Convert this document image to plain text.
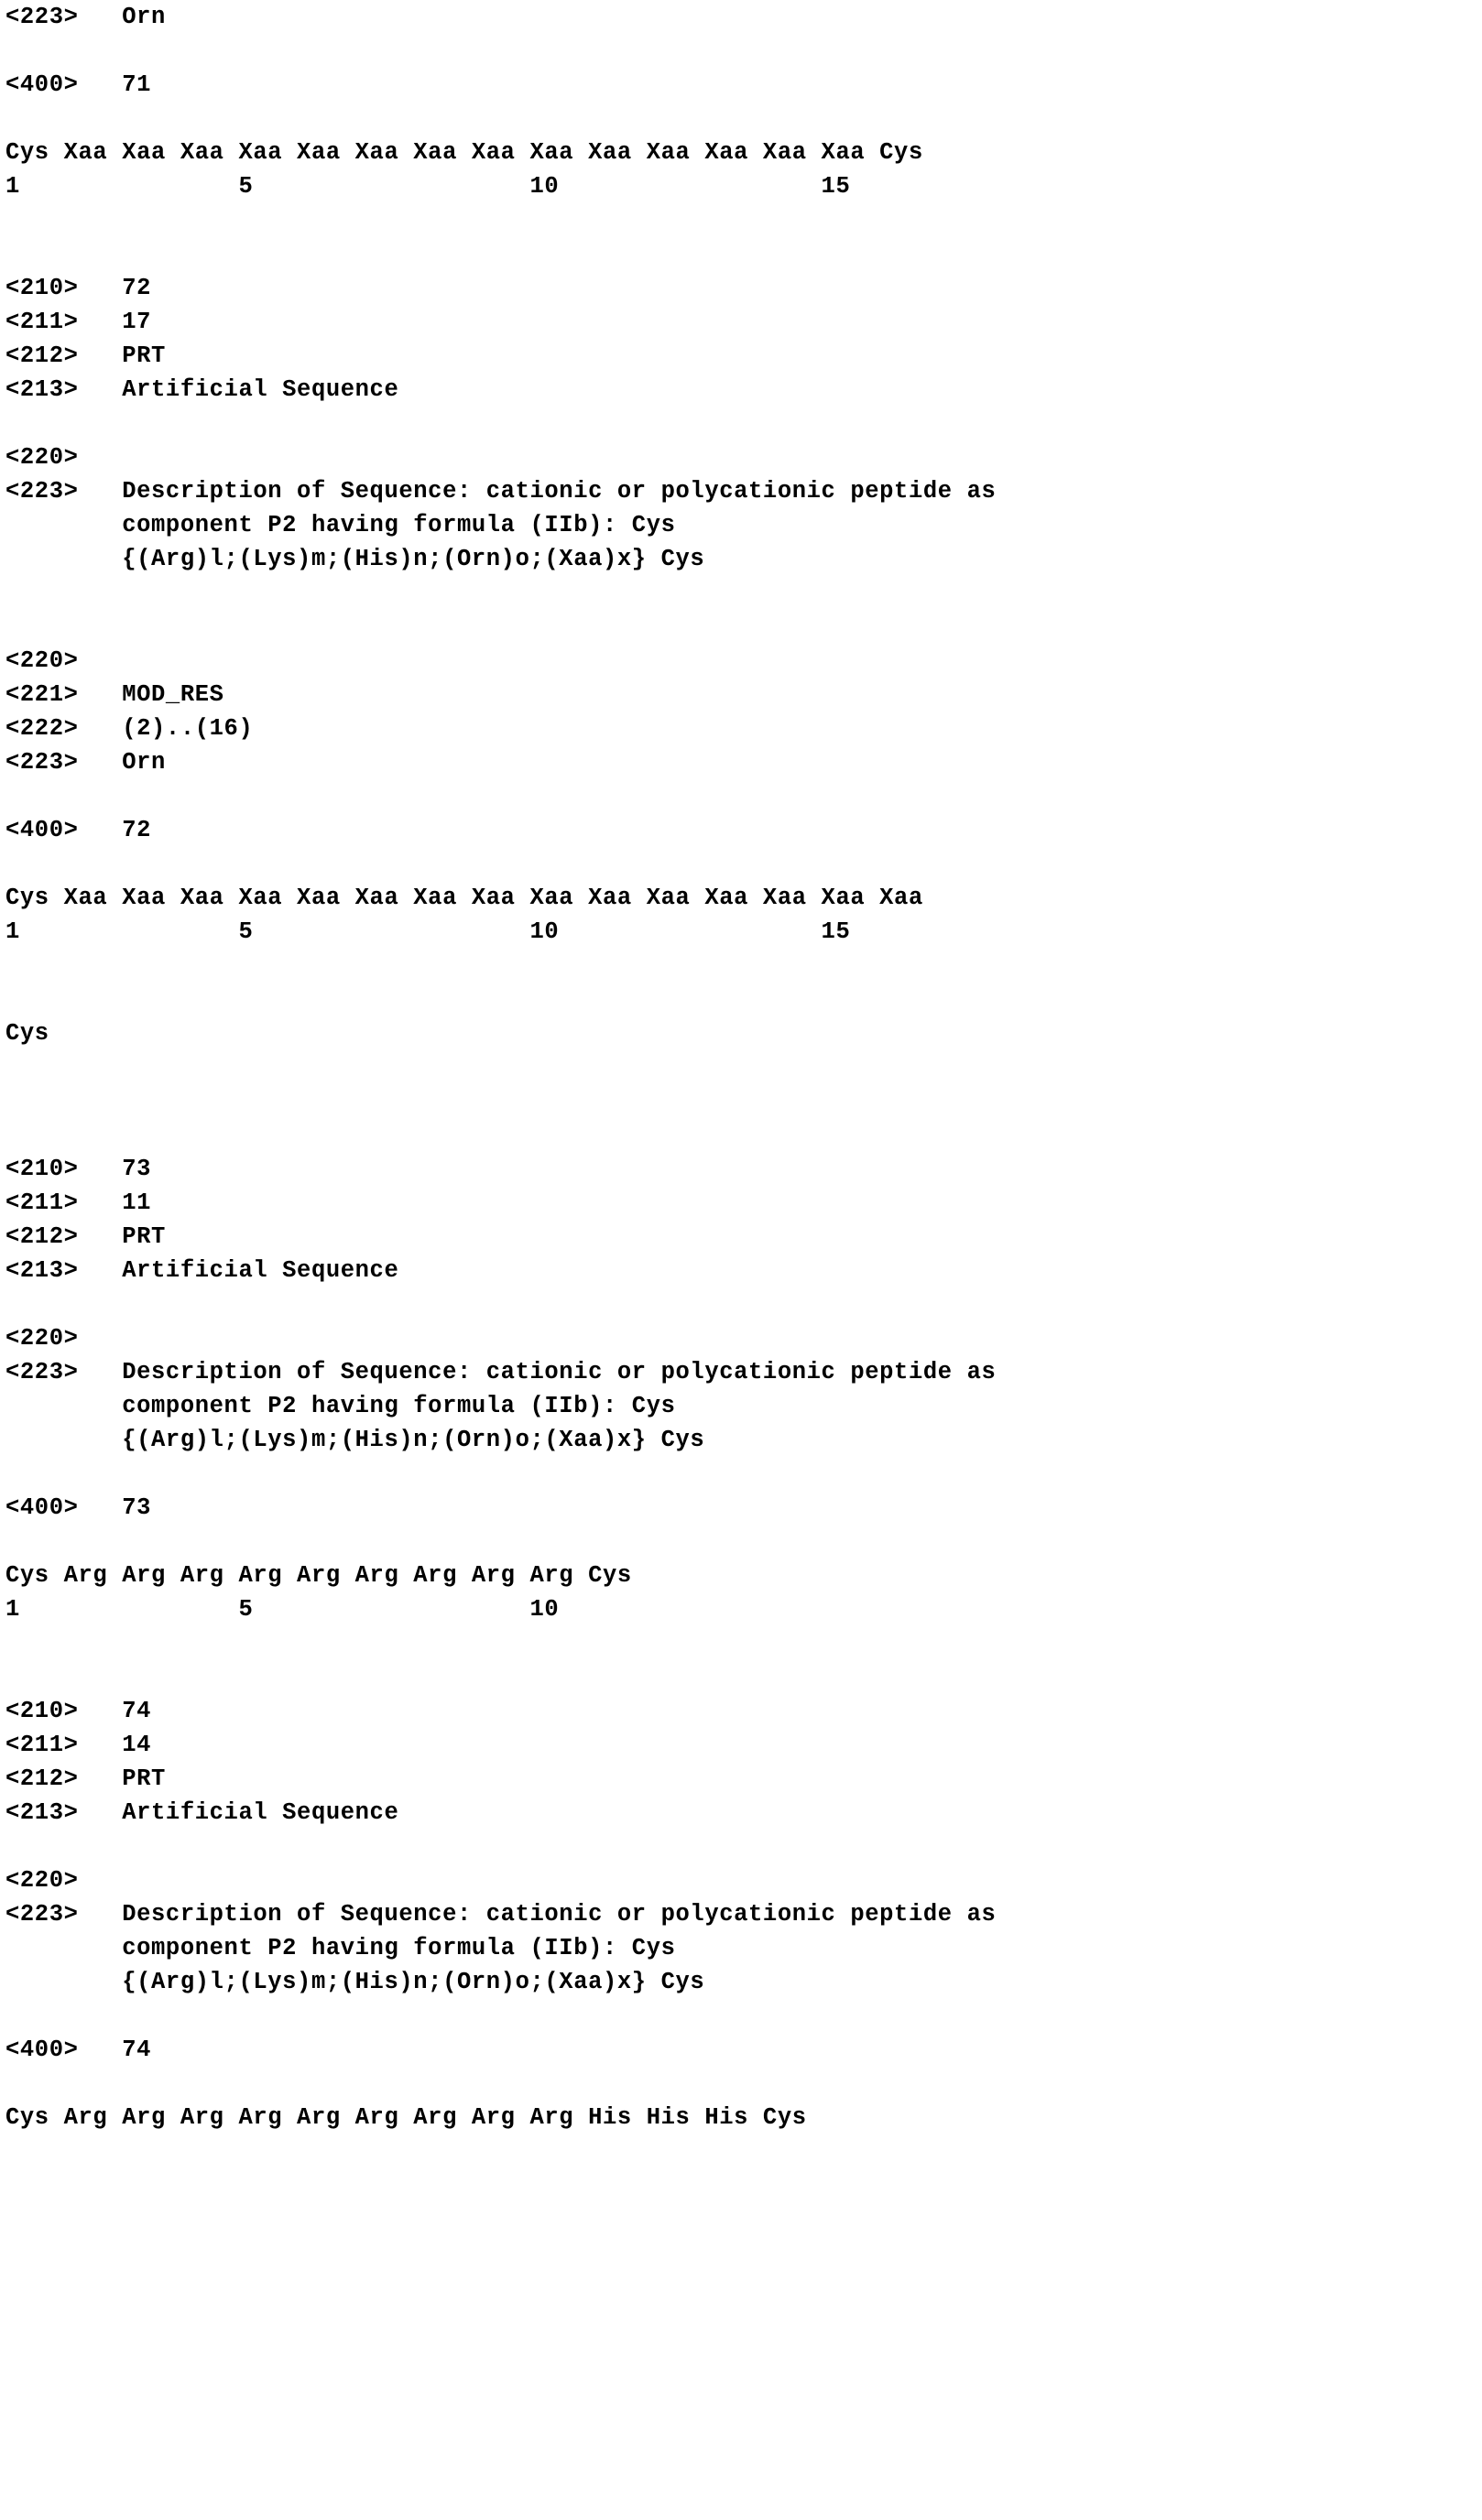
<223>   Orn
<400>   71
Cys Xaa Xaa Xaa Xaa Xaa Xaa Xaa Xaa Xaa Xaa Xaa Xaa Xaa Xaa Cys
1               5                   10                  15
<210>   72
<211>   17
<212>   PRT
<213>   Artificial Sequence
<220>
<223>   Description of Sequence: cationic or polycationic peptide as
component P2 having formula (IIb): Cys
{(Arg)l;(Lys)m;(His)n;(Orn)o;(Xaa)x} Cys
<220>
<221>   MOD_RES
<222>   (2)..(16)
<223>   Orn
<400>   72
Cys Xaa Xaa Xaa Xaa Xaa Xaa Xaa Xaa Xaa Xaa Xaa Xaa Xaa Xaa Xaa
1               5                   10                  15
Cys
<210>   73
<211>   11
<212>   PRT
<213>   Artificial Sequence
<220>
<223>   Description of Sequence: cationic or polycationic peptide as
component P2 having formula (IIb): Cys
{(Arg)l;(Lys)m;(His)n;(Orn)o;(Xaa)x} Cys
<400>   73
Cys Arg Arg Arg Arg Arg Arg Arg Arg Arg Cys
1               5                   10
<210>   74
<211>   14
<212>   PRT
<213>   Artificial Sequence
<220>
<223>   Description of Sequence: cationic or polycationic peptide as
component P2 having formula (IIb): Cys
{(Arg)l;(Lys)m;(His)n;(Orn)o;(Xaa)x} Cys
<400>   74
Cys Arg Arg Arg Arg Arg Arg Arg Arg Arg His His His Cys
